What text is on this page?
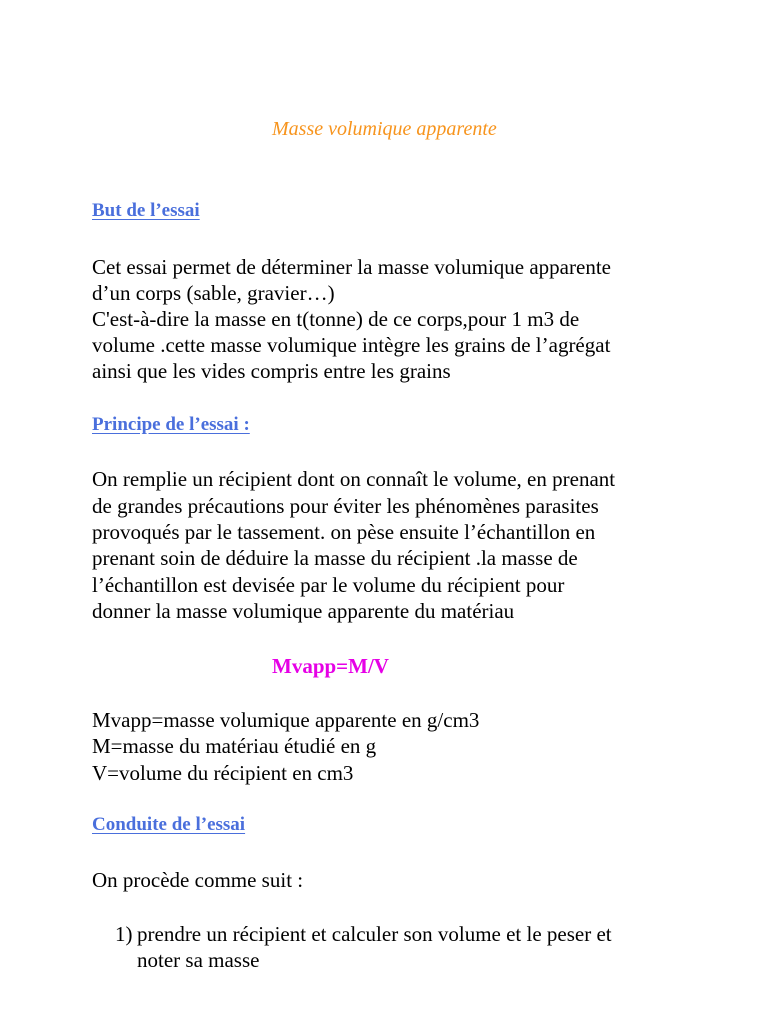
Masse volumique apparente
But de l’essai
Cet essai permet de déterminer la masse volumique apparente
d’un corps (sable, gravier…)
C'est-à-dire la masse en t(tonne) de ce corps,pour 1 m3 de
volume .cette masse volumique intègre les grains de l’agrégat
ainsi que les vides compris entre les grains
Principe de l’essai :
On remplie un récipient dont on connaît le volume, en prenant
de grandes précautions pour éviter les phénomènes parasites
provoqués par le tassement. on pèse ensuite l’échantillon en
prenant soin de déduire la masse du récipient .la masse de
l’échantillon est devisée par le volume du récipient pour
donner la masse volumique apparente du matériau
Mvapp=M/V
Mvapp=masse volumique apparente en g/cm3
M=masse du matériau étudié en g
V=volume du récipient en cm3
Conduite de l’essai
On procède comme suit :
1) prendre un récipient et calculer son volume et le peser et
noter sa masse
